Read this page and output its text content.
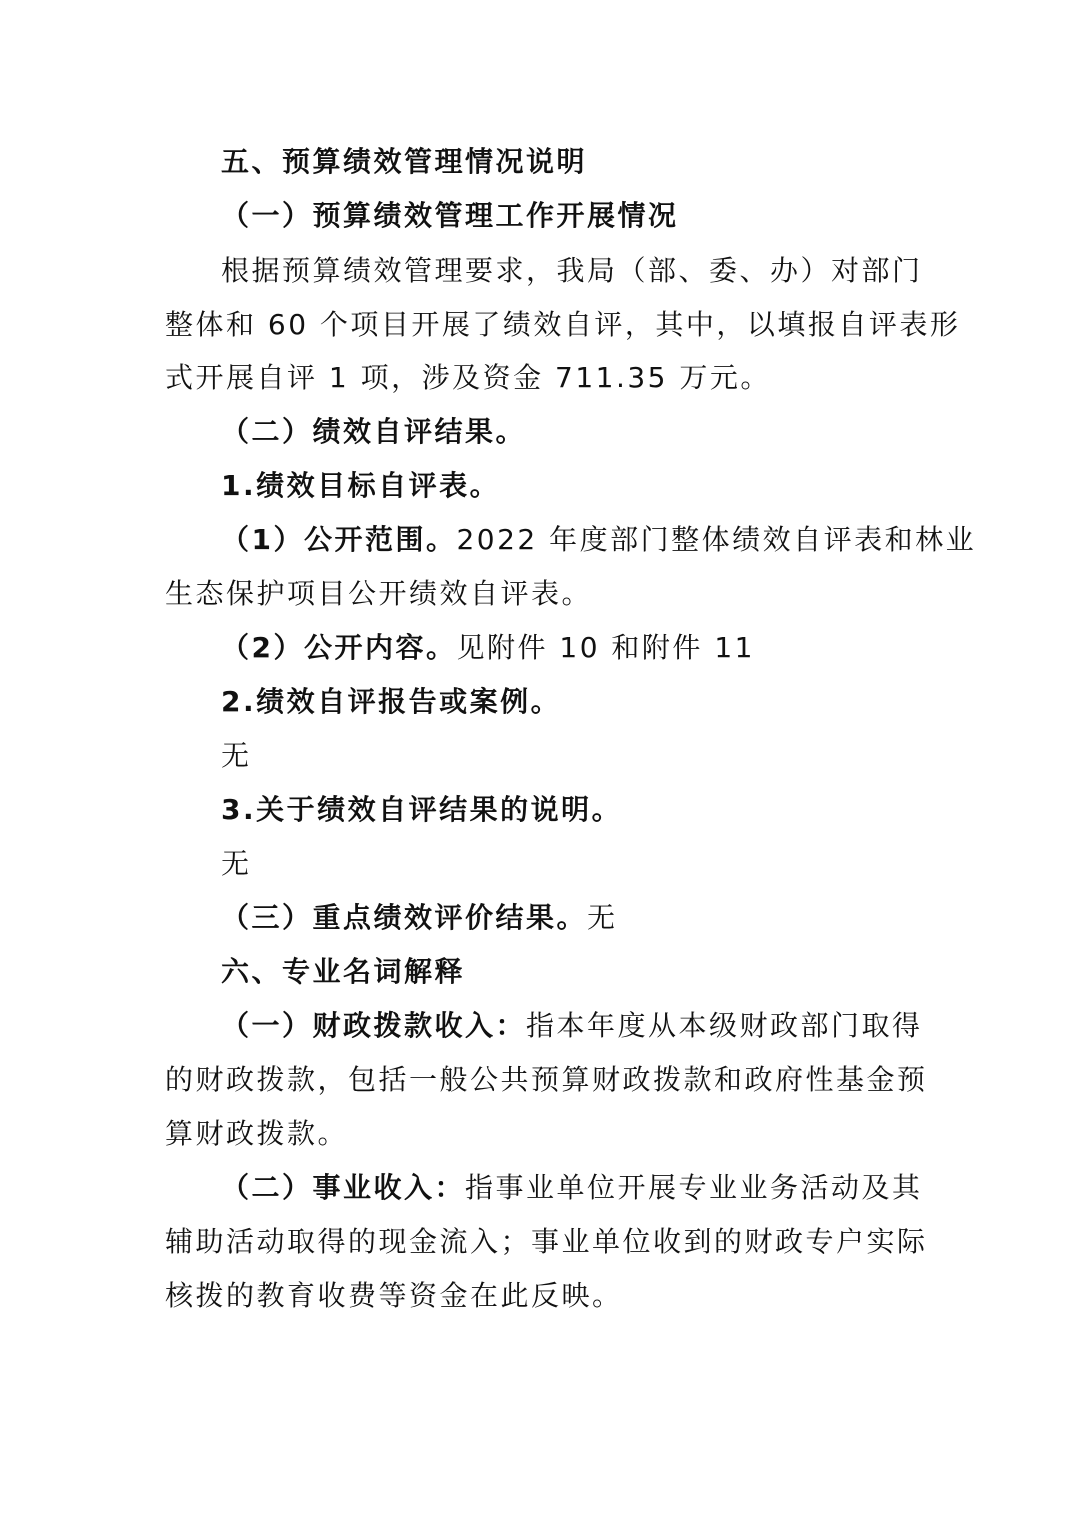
五、预算绩效管理情况说明
（一）预算绩效管理工作开展情况
根据预算绩效管理要求，我局（部、委、办）对部门
整体和 60 个项目开展了绩效自评，其中，以填报自评表形
式开展自评 1 项，涉及资金 711.35 万元。
（二）绩效自评结果。
1.绩效目标自评表。
（1）公开范围。2022 年度部门整体绩效自评表和林业
生态保护项目公开绩效自评表。
（2）公开内容。见附件 10 和附件 11
2.绩效自评报告或案例。
无
3.关于绩效自评结果的说明。
无
（三）重点绩效评价结果。无
六、专业名词解释
（一）财政拨款收入：指本年度从本级财政部门取得
的财政拨款，包括一般公共预算财政拨款和政府性基金预
算财政拨款。
（二）事业收入：指事业单位开展专业业务活动及其
辅助活动取得的现金流入；事业单位收到的财政专户实际
核拨的教育收费等资金在此反映。
